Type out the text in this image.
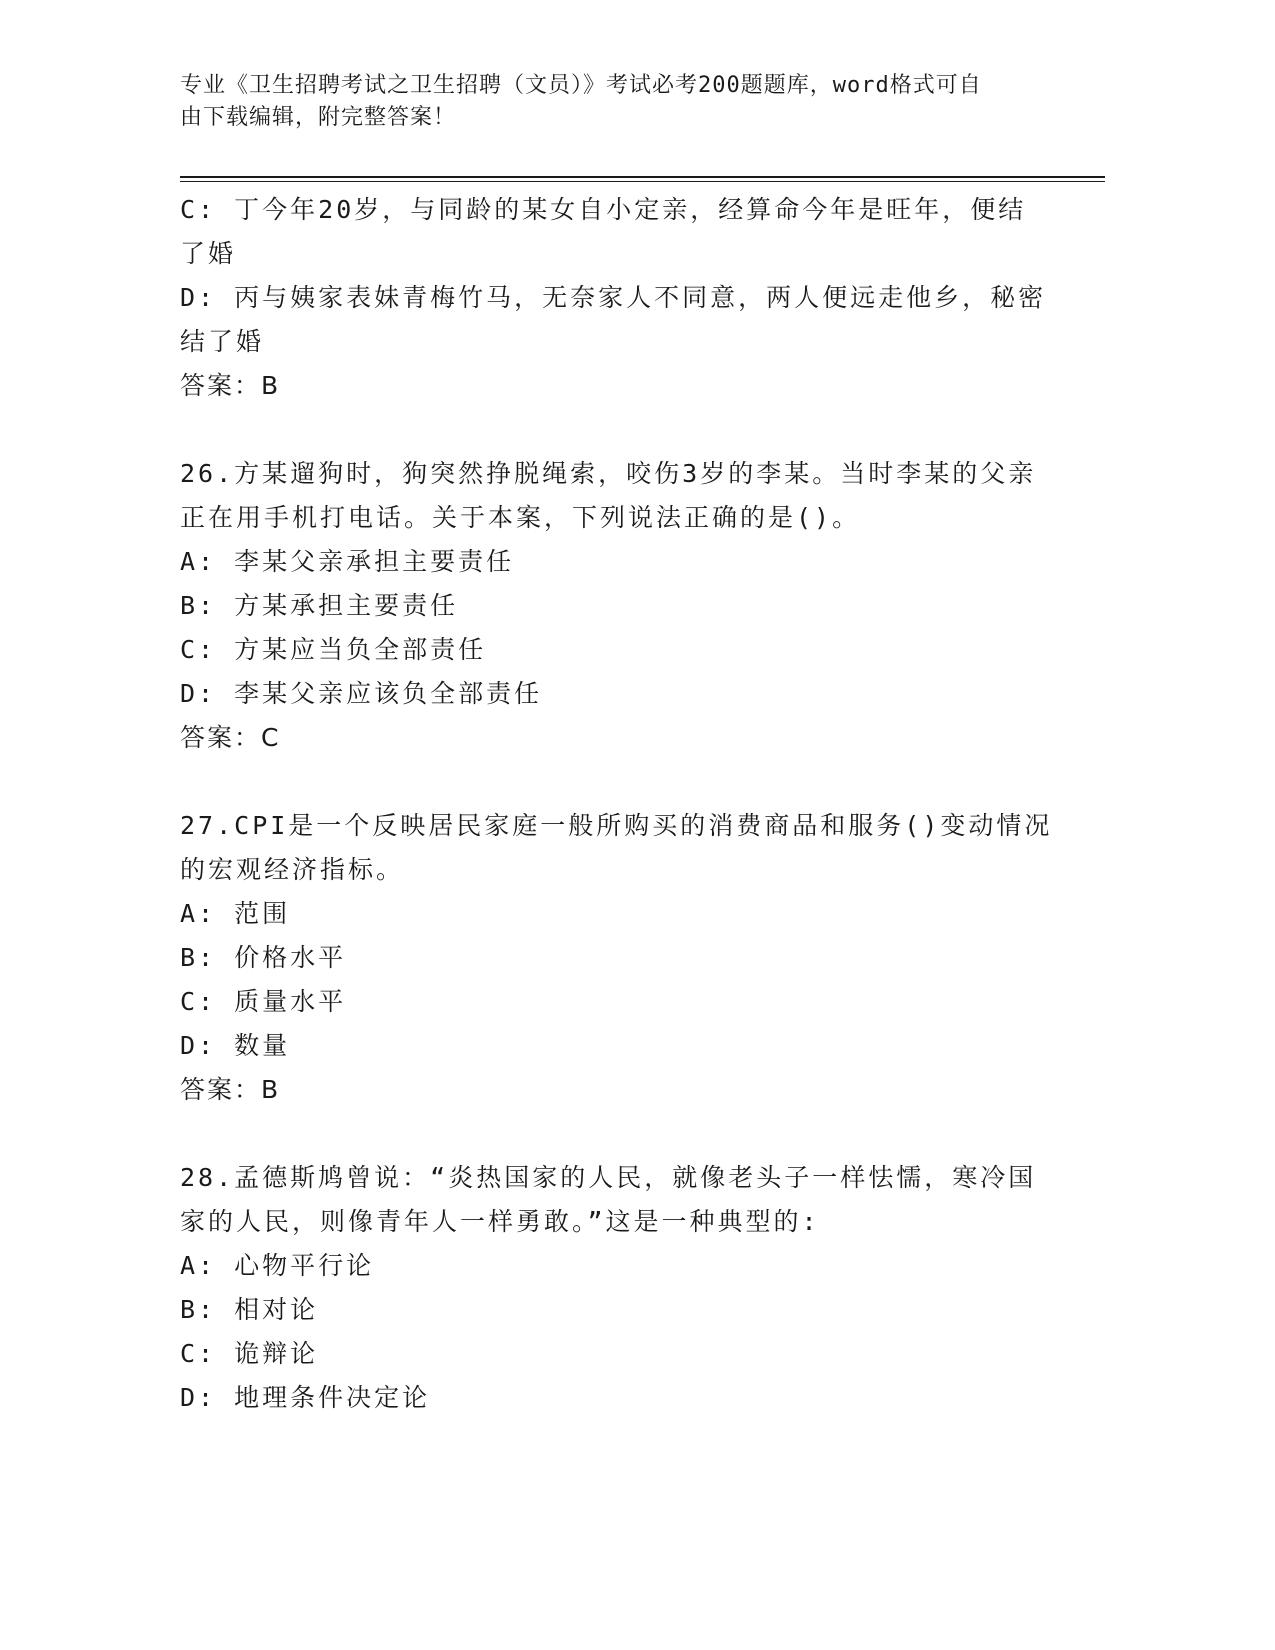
专业《卫生招聘考试之卫生招聘（文员）》考试必考200题题库，word格式可自
由下载编辑，附完整答案！
C: 丁今年20岁，与同龄的某女自小定亲，经算命今年是旺年，便结
了婚
D: 丙与姨家表妹青梅竹马，无奈家人不同意，两人便远走他乡，秘密
结了婚
答案：B
26.方某遛狗时，狗突然挣脱绳索，咬伤3岁的李某。当时李某的父亲
正在用手机打电话。关于本案，下列说法正确的是()。
A: 李某父亲承担主要责任
B: 方某承担主要责任
C: 方某应当负全部责任
D: 李某父亲应该负全部责任
答案：C
27.CPI是一个反映居民家庭一般所购买的消费商品和服务()变动情况
的宏观经济指标。
A: 范围
B: 价格水平
C: 质量水平
D: 数量
答案：B
28.孟德斯鸠曾说：“炎热国家的人民，就像老头子一样怯懦，寒冷国
家的人民，则像青年人一样勇敢。”这是一种典型的:
A: 心物平行论
B: 相对论
C: 诡辩论
D: 地理条件决定论
